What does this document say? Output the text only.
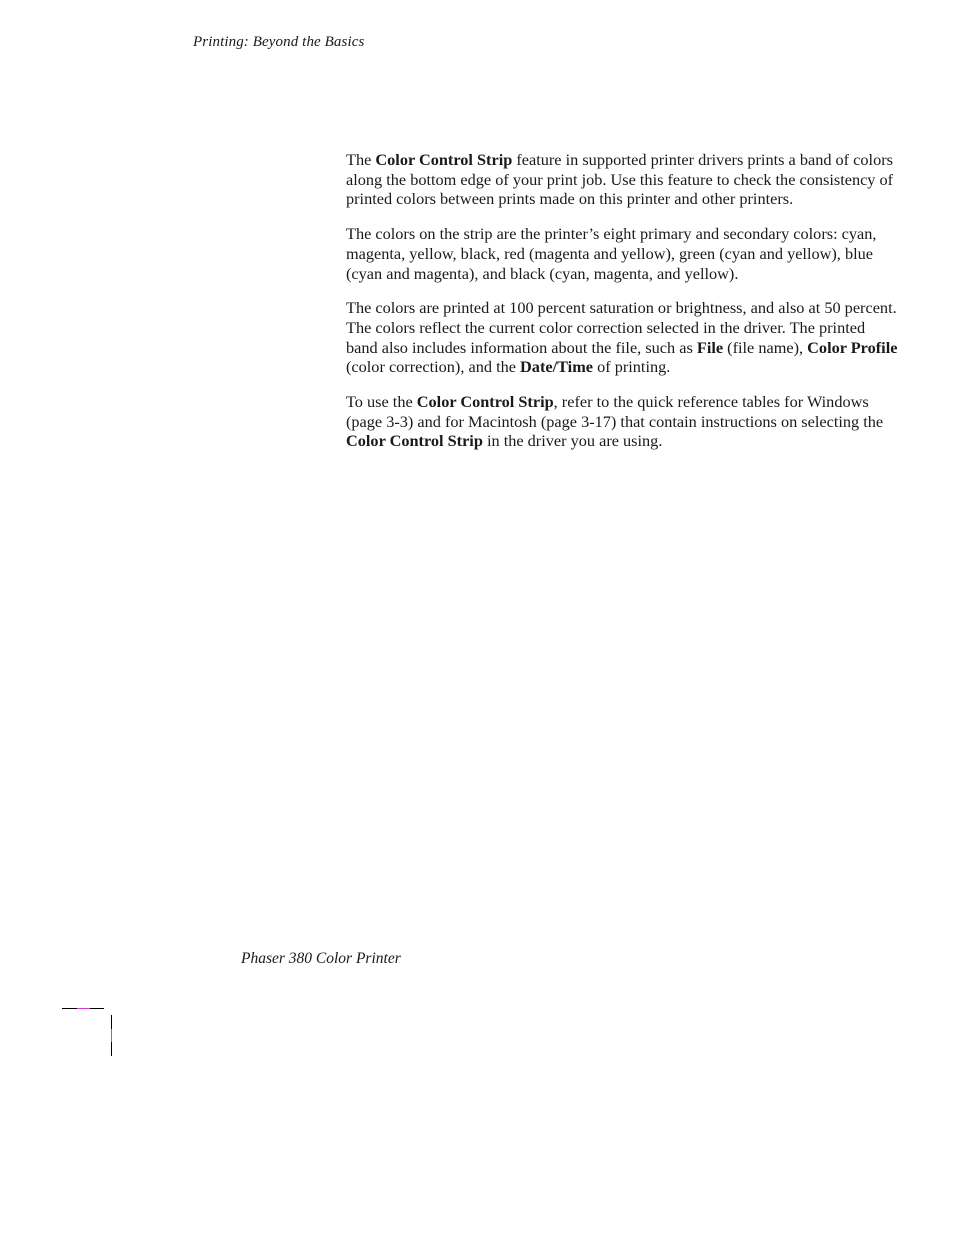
Printing: Beyond the Basics

The Color Control Strip feature in supported printer drivers prints a band of colors along the bottom edge of your print job. Use this feature to check the consistency of printed colors between prints made on this printer and other printers.

The colors on the strip are the printer’s eight primary and secondary colors: cyan, magenta, yellow, black, red (magenta and yellow), green (cyan and yellow), blue (cyan and magenta), and black (cyan, magenta, and yellow).

The colors are printed at 100 percent saturation or brightness, and also at 50 percent. The colors reflect the current color correction selected in the driver. The printed band also includes information about the file, such as File (file name), Color Profile (color correction), and the Date/Time of printing.

To use the Color Control Strip, refer to the quick reference tables for Windows (page 3-3) and for Macintosh (page 3-17) that contain instructions on selecting the Color Control Strip in the driver you are using.

Phaser 380 Color Printer
